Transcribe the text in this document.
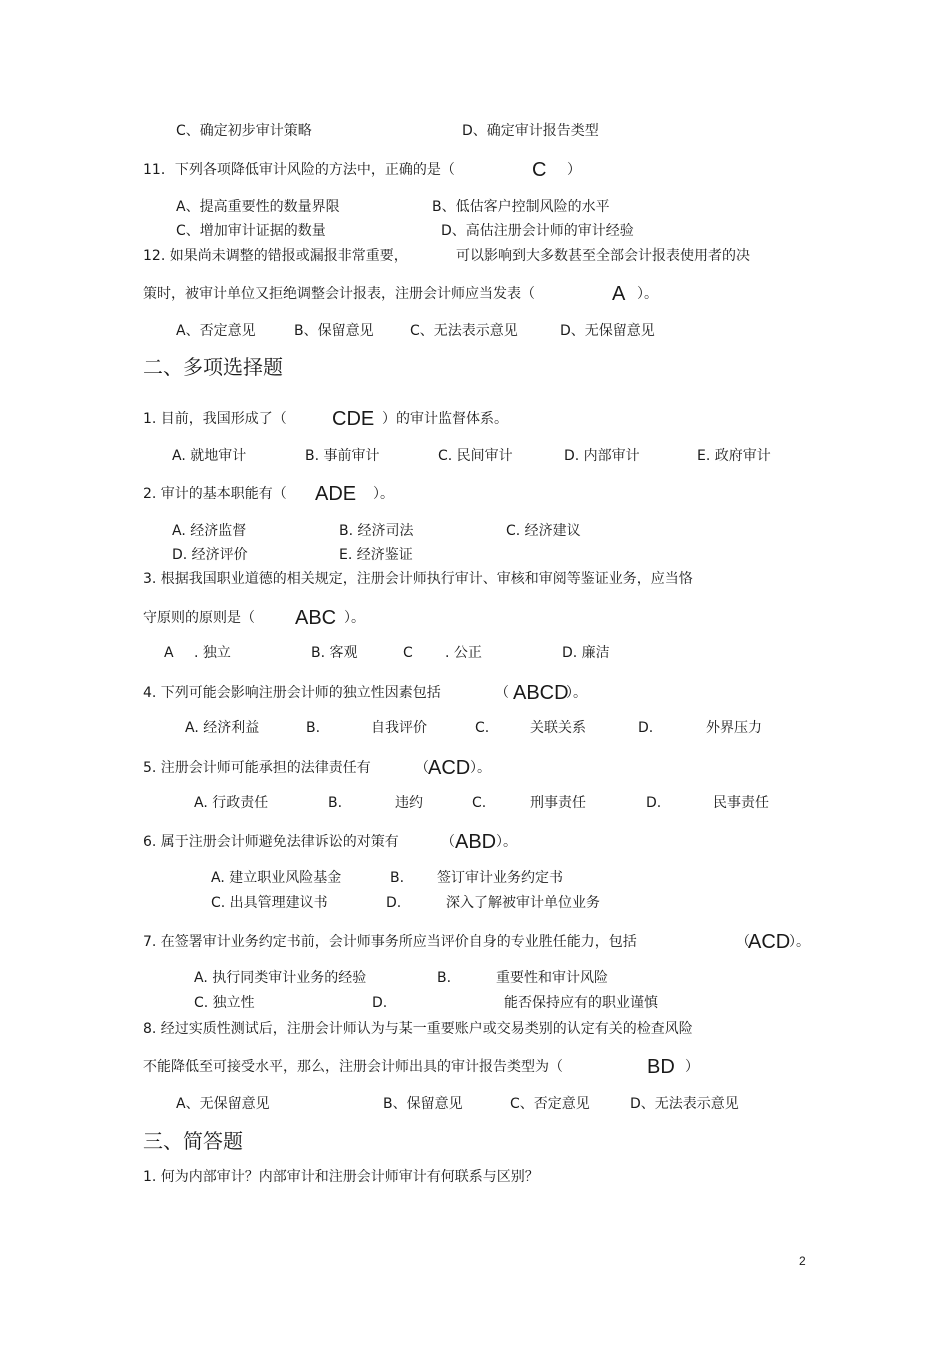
C、确定初步审计策略	D、确定审计报告类型
11．下列各项降低审计风险的方法中，正确的是（	）
A、提高重要性的数量界限	B、低估客户控制风险的水平
C、增加审计证据的数量	D、高估注册会计师的审计经验
12. 如果尚未调整的错报或漏报非常重要，	可以影响到大多数甚至全部会计报表使用者的决
策时，被审计单位又拒绝调整会计报表，注册会计师应当发表（	）。
A、否定意见	B、保留意见	C、无法表示意见	D、无保留意见
1. 目前，我国形成了（	）的审计监督体系。
A. 就地审计	B. 事前审计	C. 民间审计	D. 内部审计	E. 政府审计
2. 审计的基本职能有（	）。
A. 经济监督	B. 经济司法	C. 经济建议
D. 经济评价	E. 经济鉴证
3. 根据我国职业道德的相关规定，注册会计师执行审计、审核和审阅等鉴证业务，应当恪
守原则的原则是（	）。
A . 独立	B. 客观	C . 公正	D. 廉洁
4. 下列可能会影响注册会计师的独立性因素包括	（	）。
A. 经济利益	B.	自我评价	C.	关联关系	D.	外界压力
5. 注册会计师可能承担的法律责任有	（	）。
A. 行政责任	B.	违约	C.	刑事责任	D.	民事责任
6. 属于注册会计师避免法律诉讼的对策有	（	）。
A. 建立职业风险基金	B. 签订审计业务约定书
C. 出具管理建议书	D.	深入了解被审计单位业务
7. 在签署审计业务约定书前，会计师事务所应当评价自身的专业胜任能力，包括	（	）。
A. 执行同类审计业务的经验	B.	重要性和审计风险
C. 独立性	D.	能否保持应有的职业谨慎
8. 经过实质性测试后，注册会计师认为与某一重要账户或交易类别的认定有关的检查风险
不能降低至可接受水平，那么，注册会计师出具的审计报告类型为（	）
A、无保留意见	B、保留意见	C、否定意见	D、无法表示意见
1. 何为内部审计？内部审计和注册会计师审计有何联系与区别？
C
A
CDE
ADE
ABC
ABCD
ACD
ABD
ACD
BD
二、多项选择题
三、简答题
2
